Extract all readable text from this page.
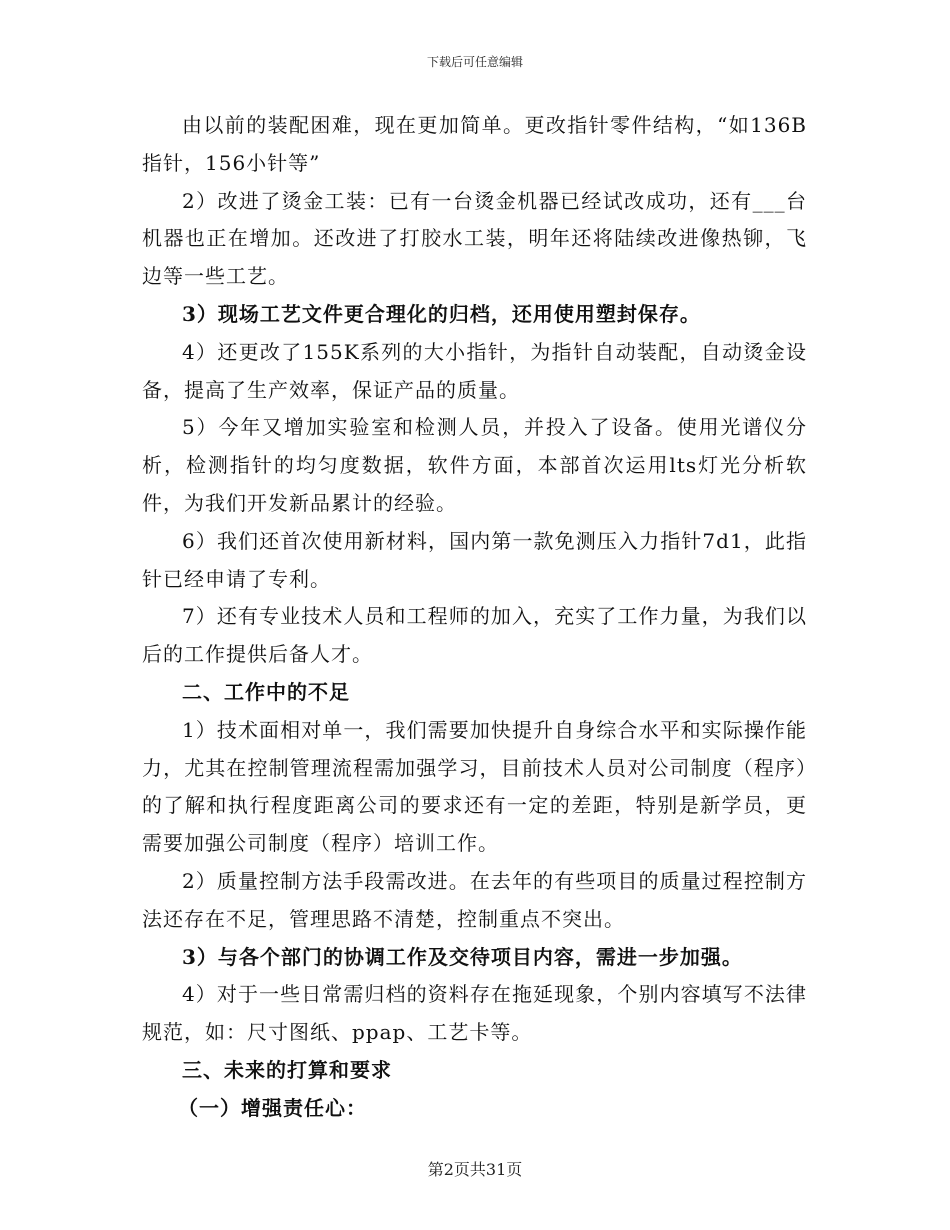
下载后可任意编辑

由以前的装配困难，现在更加简单。更改指针零件结构，“如136B指针，156小针等”

2）改进了烫金工装：已有一台烫金机器已经试改成功，还有___台机器也正在增加。还改进了打胶水工装，明年还将陆续改进像热铆，飞边等一些工艺。

3）现场工艺文件更合理化的归档，还用使用塑封保存。

4）还更改了155K系列的大小指针，为指针自动装配，自动烫金设备，提高了生产效率，保证产品的质量。

5）今年又增加实验室和检测人员，并投入了设备。使用光谱仪分析，检测指针的均匀度数据，软件方面，本部首次运用lts灯光分析软件，为我们开发新品累计的经验。

6）我们还首次使用新材料，国内第一款免测压入力指针7d1，此指针已经申请了专利。

7）还有专业技术人员和工程师的加入，充实了工作力量，为我们以后的工作提供后备人才。

二、工作中的不足

1）技术面相对单一，我们需要加快提升自身综合水平和实际操作能力，尤其在控制管理流程需加强学习，目前技术人员对公司制度（程序）的了解和执行程度距离公司的要求还有一定的差距，特别是新学员，更需要加强公司制度（程序）培训工作。

2）质量控制方法手段需改进。在去年的有些项目的质量过程控制方法还存在不足，管理思路不清楚，控制重点不突出。

3）与各个部门的协调工作及交待项目内容，需进一步加强。

4）对于一些日常需归档的资料存在拖延现象，个别内容填写不法律规范，如：尺寸图纸、ppap、工艺卡等。

三、未来的打算和要求

（一）增强责任心：

第2页共31页
